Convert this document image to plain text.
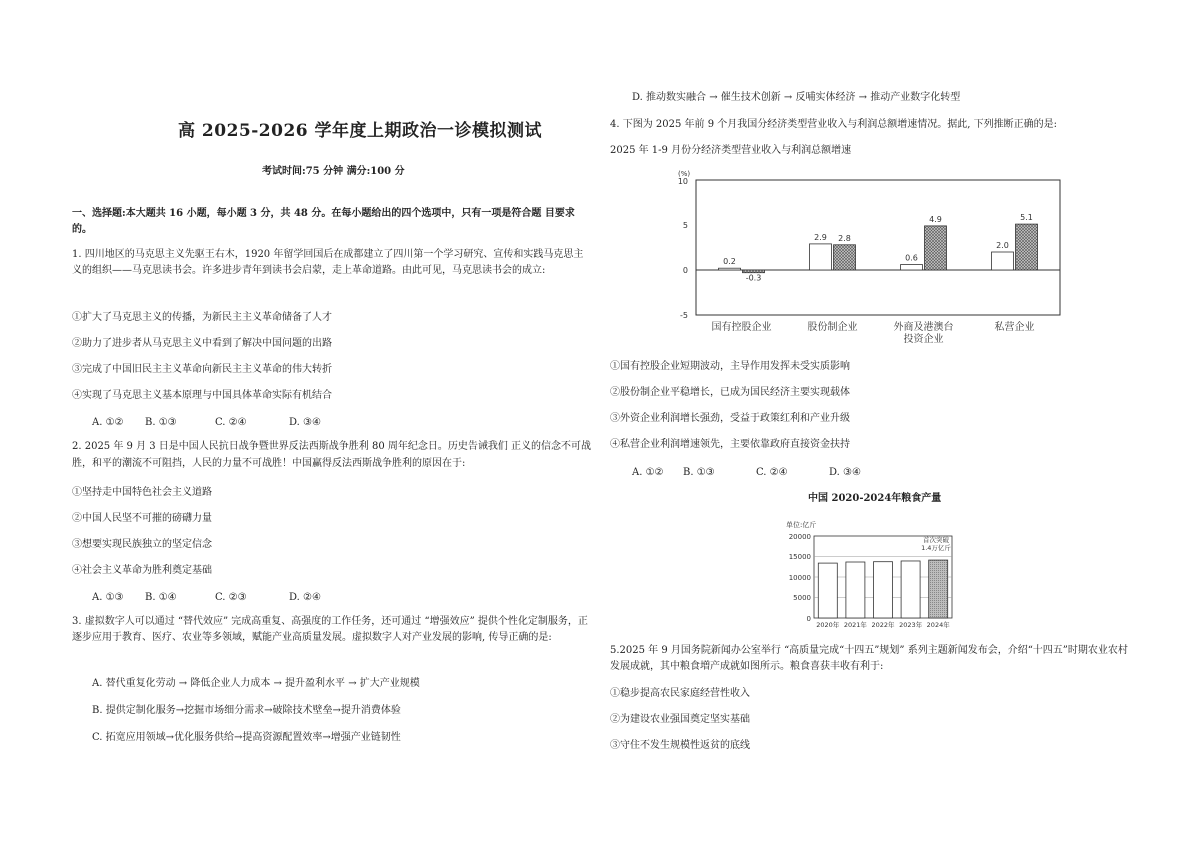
高 2025-2026 学年度上期政治一诊模拟测试
考试时间:75 分钟 满分:100 分
一、选择题:本大题共 16 小题，每小题 3 分，共 48 分。在每小题给出的四个选项中，只有一项是符合题 目要求的。
1. 四川地区的马克思主义先驱王右木，1920 年留学回国后在成都建立了四川第一个学习研究、宣传和实践马克思主义的组织——马克思读书会。许多进步青年到读书会启蒙，走上革命道路。由此可见，马克思读书会的成立:
①扩大了马克思主义的传播，为新民主主义革命储备了人才
②助力了进步者从马克思主义中看到了解决中国问题的出路
③完成了中国旧民主主义革命向新民主主义革命的伟大转折
④实现了马克思主义基本原理与中国具体革命实际有机结合
A. ①② B. ①③	C. ②④	D. ③④
2. 2025 年 9 月 3 日是中国人民抗日战争暨世界反法西斯战争胜利 80 周年纪念日。历史告诫我们 正义的信念不可战胜，和平的潮流不可阻挡，人民的力量不可战胜！中国赢得反法西斯战争胜利的原因在于:
①坚持走中国特色社会主义道路
②中国人民坚不可摧的磅礴力量
③想要实现民族独立的坚定信念
④社会主义革命为胜利奠定基础
A. ①③ B. ①④	C. ②③	D. ②④
3. 虚拟数字人可以通过 “替代效应” 完成高重复、高强度的工作任务，还可通过 “增强效应” 提供个性化定制服务，正逐步应用于教育、医疗、农业等多领域，赋能产业高质量发展。虚拟数字人对产业发展的影响, 传导正确的是:
A. 替代重复化劳动 → 降低企业人力成本 → 提升盈利水平 → 扩大产业规模
B. 提供定制化服务→挖掘市场细分需求→破除技术壁垒→提升消费体验
C. 拓宽应用领域→优化服务供给→提高资源配置效率→增强产业链韧性
D. 推动数实融合 → 催生技术创新 → 反哺实体经济 → 推动产业数字化转型
4. 下图为 2025 年前 9 个月我国分经济类型营业收入与利润总额增速情况。据此, 下列推断正确的是:
2025 年 1-9 月份分经济类型营业收入与利润总额增速
(%)
10
5
0
-5
0.2
-0.3
国有控股企业
2.9 2.8
股份制企业
0.6
4.9
外商及港澳台
投资企业
2.0
5.1
私营企业
①国有控股企业短期波动，主导作用发挥未受实质影响
②股份制企业平稳增长，已成为国民经济主要实现载体
③外资企业利润增长强劲，受益于政策红利和产业升级
④私营企业利润增速领先，主要依靠政府直接资金扶持
A. ①② B. ①③	C. ②④	D. ③④
中国 2020-2024年粮食产量
单位:亿斤
20000
15000
10000
5000
0
首次突破
1.4万亿斤
2020年 2021年 2022年 2023年 2024年
5.2025 年 9 月国务院新闻办公室举行 “高质量完成“十四五”规划” 系列主题新闻发布会，介绍“十四五”时期农业农村发展成就，其中粮食増产成就如图所示。粮食喜获丰收有利于:
①稳步提高农民家庭经营性收入
②为建设农业强国奠定坚实基础
③守住不发生规模性返贫的底线
